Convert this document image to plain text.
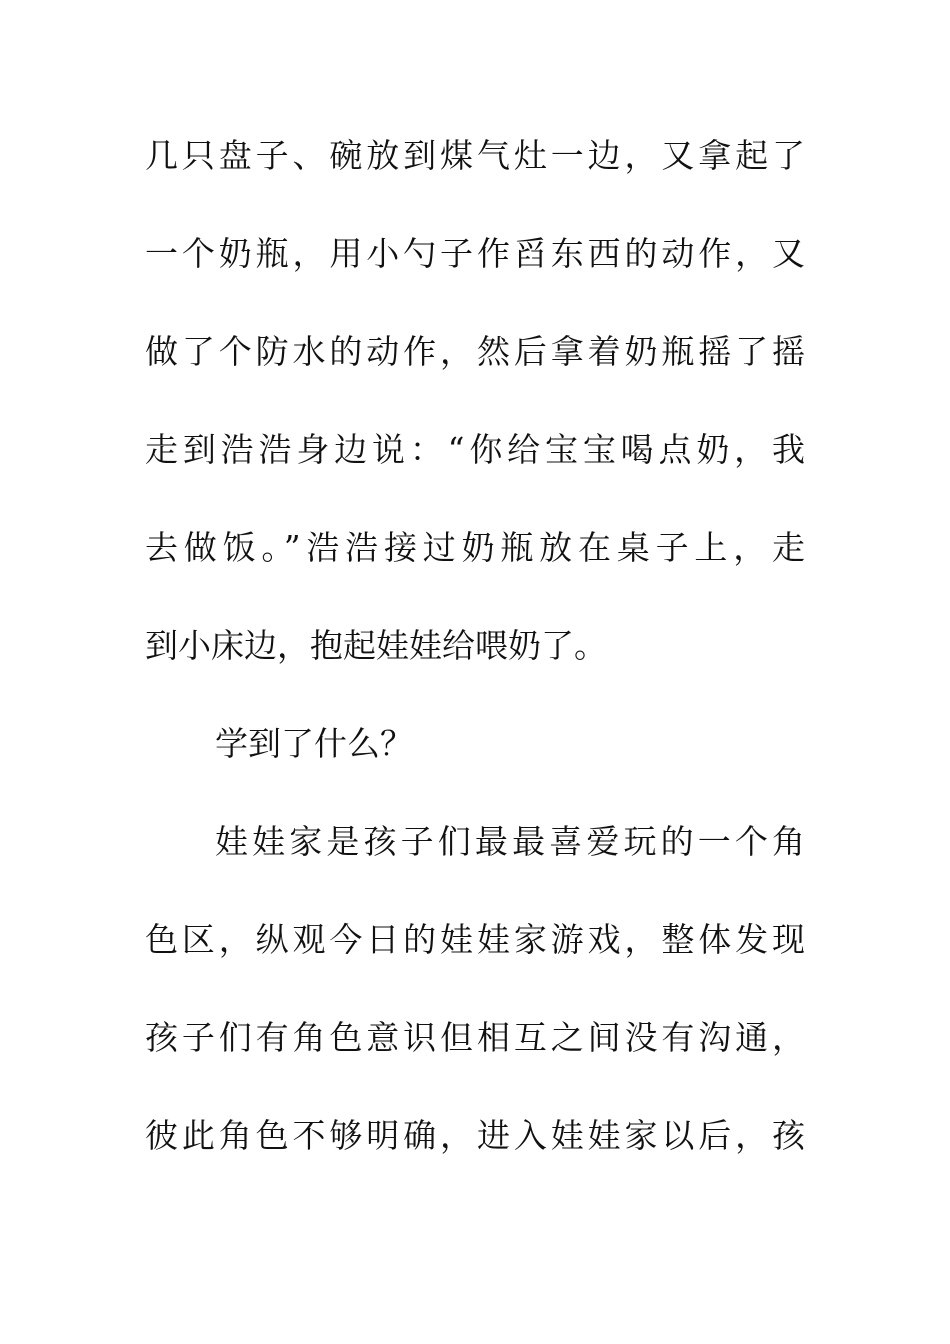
几只盘子、碗放到煤气灶一边，又拿起了
一个奶瓶，用小勺子作舀东西的动作，又
做了个防水的动作，然后拿着奶瓶摇了摇
走到浩浩身边说：“你给宝宝喝点奶，我
去做饭。”浩浩接过奶瓶放在桌子上，走
到小床边，抱起娃娃给喂奶了。
学到了什么？
娃娃家是孩子们最最喜爱玩的一个角
色区，纵观今日的娃娃家游戏，整体发现
孩子们有角色意识但相互之间没有沟通，
彼此角色不够明确，进入娃娃家以后，孩
